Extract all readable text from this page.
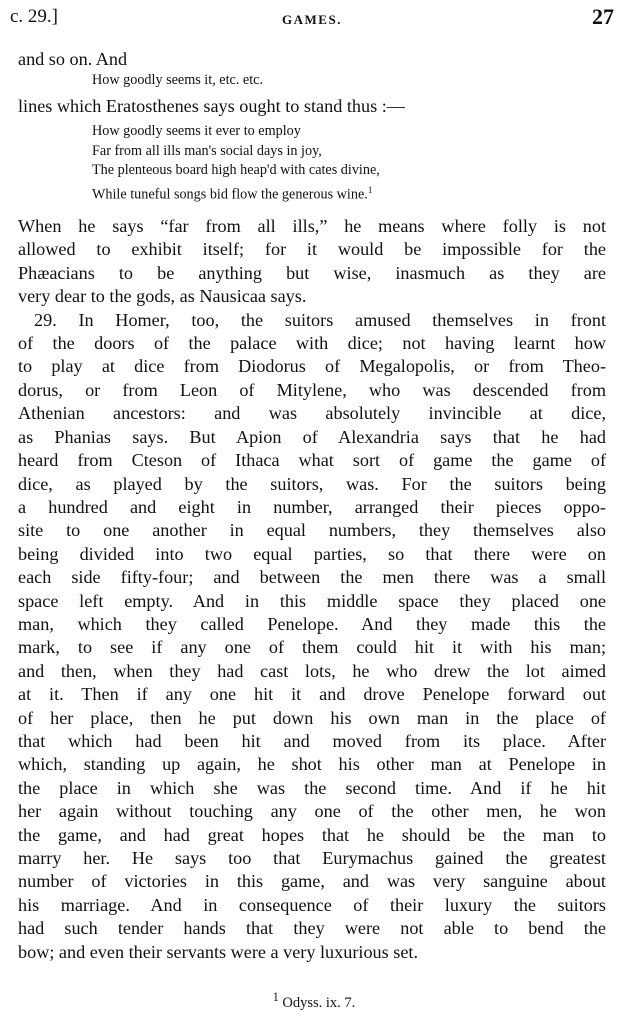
c. 29.]	GAMES.	27
and so on. And
How goodly seems it, etc. etc.
lines which Eratosthenes says ought to stand thus :—
How goodly seems it ever to employ
Far from all ills man's social days in joy,
The plenteous board high heap'd with cates divine,
While tuneful songs bid flow the generous wine.$^1$
When he says “far from all ills,” he means where folly is not
allowed to exhibit itself; for it would be impossible for the
Phæacians to be anything but wise, inasmuch as they are
very dear to the gods, as Nausicaa says.
29. In Homer, too, the suitors amused themselves in front
of the doors of the palace with dice; not having learnt how
to play at dice from Diodorus of Megalopolis, or from Theo-
dorus, or from Leon of Mitylene, who was descended from
Athenian ancestors: and was absolutely invincible at dice,
as Phanias says. But Apion of Alexandria says that he had
heard from Cteson of Ithaca what sort of game the game of
dice, as played by the suitors, was. For the suitors being
a hundred and eight in number, arranged their pieces oppo-
site to one another in equal numbers, they themselves also
being divided into two equal parties, so that there were on
each side fifty-four; and between the men there was a small
space left empty. And in this middle space they placed one
man, which they called Penelope. And they made this the
mark, to see if any one of them could hit it with his man;
and then, when they had cast lots, he who drew the lot aimed
at it. Then if any one hit it and drove Penelope forward out
of her place, then he put down his own man in the place of
that which had been hit and moved from its place. After
which, standing up again, he shot his other man at Penelope in
the place in which she was the second time. And if he hit
her again without touching any one of the other men, he won
the game, and had great hopes that he should be the man to
marry her. He says too that Eurymachus gained the greatest
number of victories in this game, and was very sanguine about
his marriage. And in consequence of their luxury the suitors
had such tender hands that they were not able to bend the
bow; and even their servants were a very luxurious set.
$^1$ Odyss. ix. 7.
